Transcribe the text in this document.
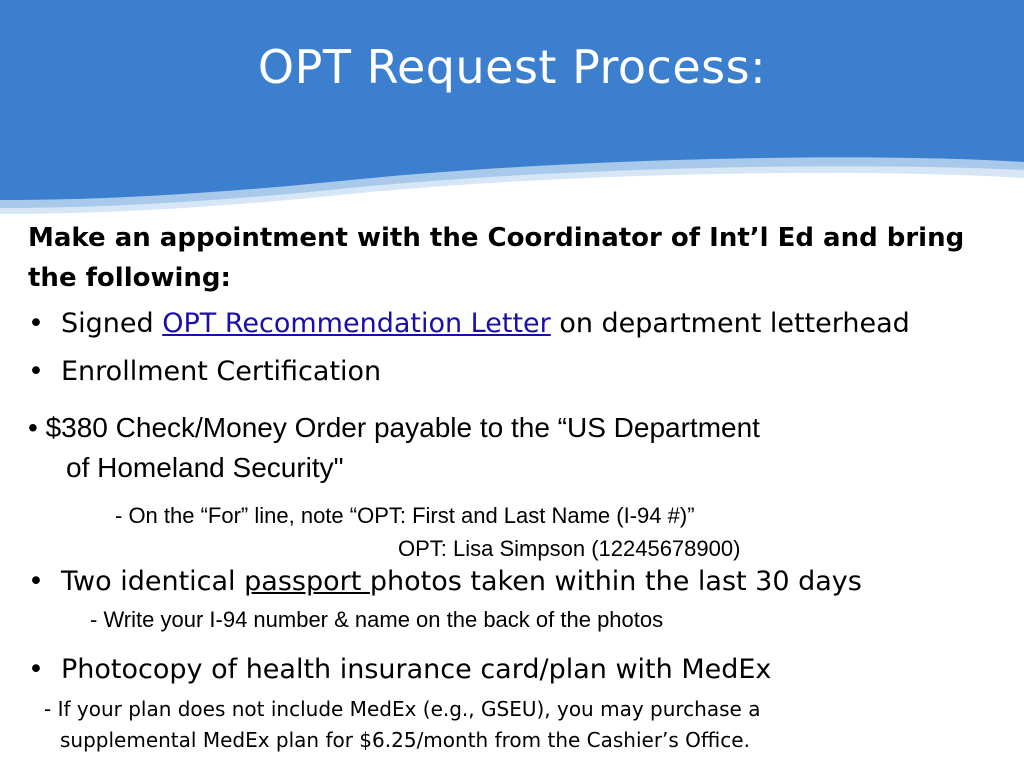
OPT Request Process:
Make an appointment with the Coordinator of Int’l Ed and bring the following:
• Signed OPT Recommendation Letter on department letterhead
• Enrollment Certification
• $380 Check/Money Order payable to the “US Department
of Homeland Security"
- On the “For” line, note “OPT: First and Last Name (I-94 #)”
OPT: Lisa Simpson (12245678900)
• Two identical passport photos taken within the last 30 days
- Write your I-94 number & name on the back of the photos
• Photocopy of health insurance card/plan with MedEx
- If your plan does not include MedEx (e.g., GSEU), you may purchase a
supplemental MedEx plan for $6.25/month from the Cashier’s Office.
